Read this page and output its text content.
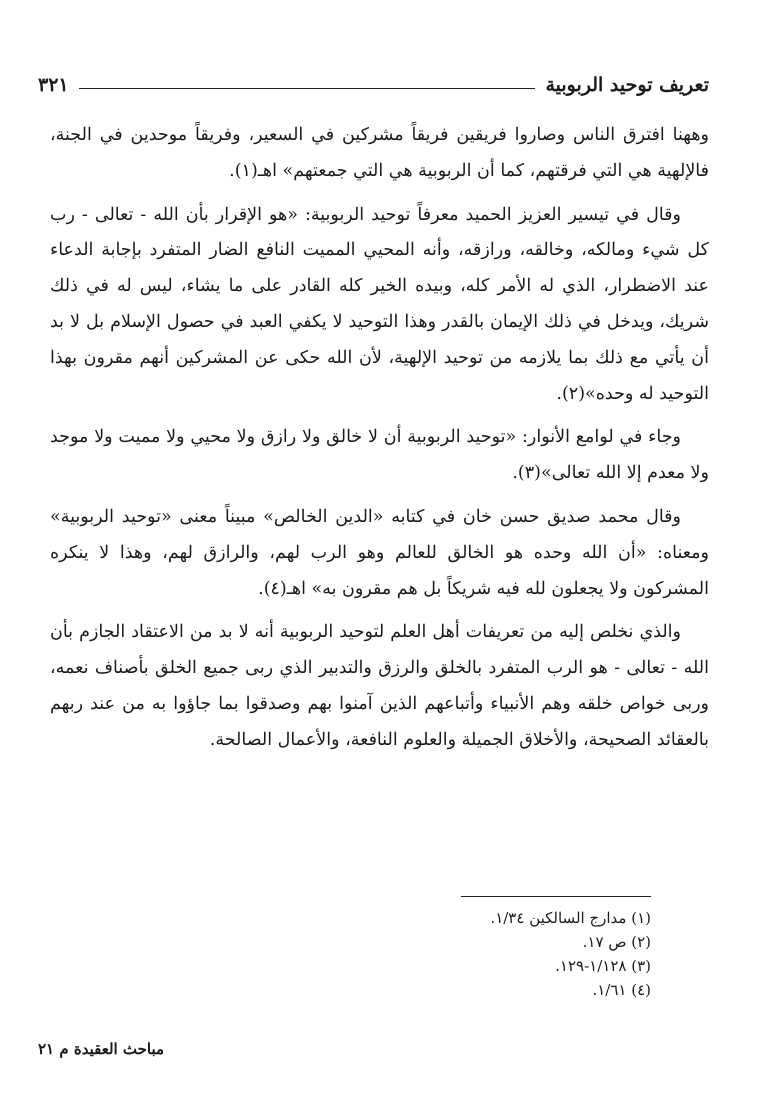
تعريف توحيد الربوبية
٣٢١

وههنا افترق الناس وصاروا فريقين فريقاً مشركين في السعير، وفريقاً موحدين في الجنة، فالإلهية هي التي فرقتهم، كما أن الربوبية هي التي جمعتهم» اهـ(١).

وقال في تيسير العزيز الحميد معرفاً توحيد الربوبية: «هو الإقرار بأن الله - تعالى - رب كل شيء ومالكه، وخالقه، ورازقه، وأنه المحيي المميت النافع الضار المتفرد بإجابة الدعاء عند الاضطرار، الذي له الأمر كله، وبيده الخير كله القادر على ما يشاء، ليس له في ذلك شريك، ويدخل في ذلك الإيمان بالقدر وهذا التوحيد لا يكفي العبد في حصول الإسلام بل لا بد أن يأتي مع ذلك بما يلازمه من توحيد الإلهية، لأن الله حكى عن المشركين أنهم مقرون بهذا التوحيد له وحده»(٢).

وجاء في لوامع الأنوار: «توحيد الربوبية أن لا خالق ولا رازق ولا محيي ولا مميت ولا موجد ولا معدم إلا الله تعالى»(٣).

وقال محمد صديق حسن خان في كتابه «الدين الخالص» مبيناً معنى «توحيد الربوبية» ومعناه: «أن الله وحده هو الخالق للعالم وهو الرب لهم، والرازق لهم، وهذا لا ينكره المشركون ولا يجعلون لله فيه شريكاً بل هم مقرون به» اهـ(٤).

والذي نخلص إليه من تعريفات أهل العلم لتوحيد الربوبية أنه لا بد من الاعتقاد الجازم بأن الله - تعالى - هو الرب المتفرد بالخلق والرزق والتدبير الذي ربى جميع الخلق بأصناف نعمه، وربى خواص خلقه وهم الأنبياء وأتباعهم الذين آمنوا بهم وصدقوا بما جاؤوا به من عند ربهم بالعقائد الصحيحة، والأخلاق الجميلة والعلوم النافعة، والأعمال الصالحة.

(١) مدارج السالكين ١/٣٤.
(٢) ص ١٧.
(٣) ١/١٢٨-١٢٩.
(٤) ١/٦١.
مباحث العقيدة م ٢١
